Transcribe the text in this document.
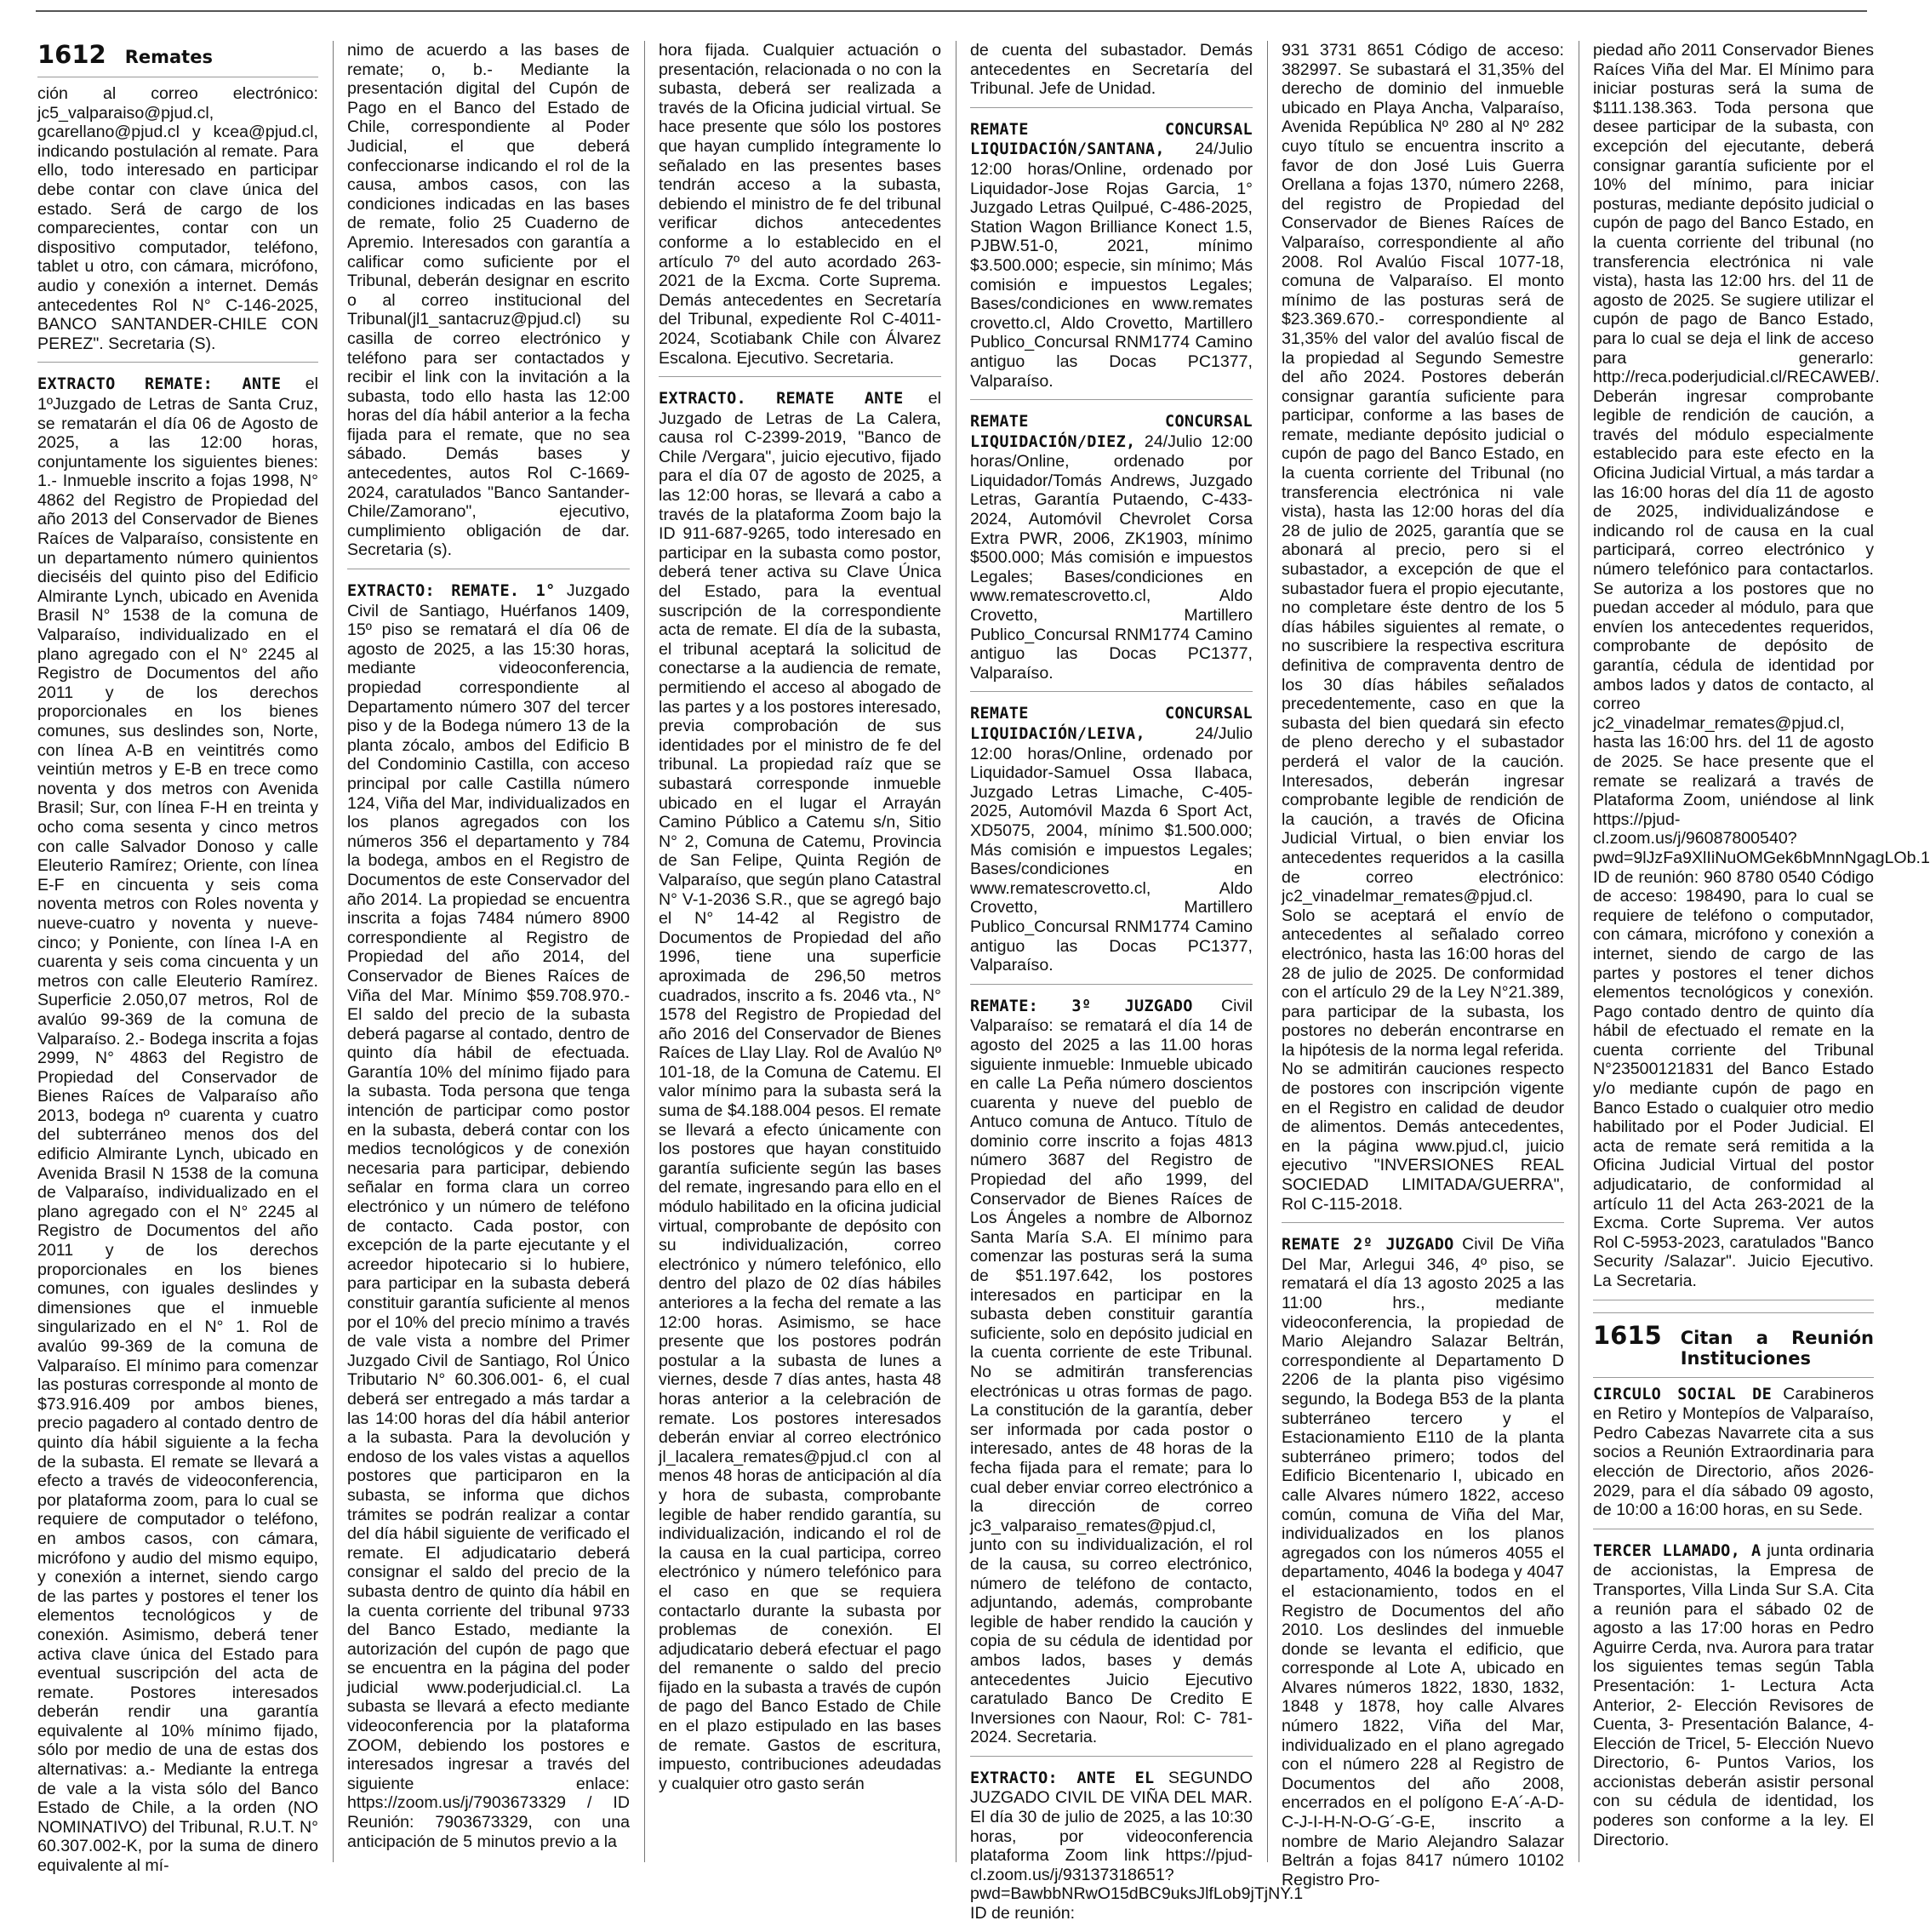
1612 Remates
ción al correo electrónico: jc5_valparaiso@pjud.cl, gcarellano@pjud.cl y kcea@pjud.cl, indicando postulación al remate. Para ello, todo interesado en participar debe contar con clave única del estado. Será de cargo de los comparecientes, contar con un dispositivo computador, teléfono, tablet u otro, con cámara, micrófono, audio y conexión a internet. Demás antecedentes Rol N° C-146-2025, BANCO SANTANDER-CHILE CON PEREZ". Secretaria (S).
EXTRACTO REMATE: ANTE el 1ºJuzgado de Letras de Santa Cruz, se rematarán el día 06 de Agosto de 2025, a las 12:00 horas, conjuntamente los siguientes bienes: 1.- Inmueble inscrito a fojas 1998, N° 4862 del Registro de Propiedad del año 2013 del Conservador de Bienes Raíces de Valparaíso, consistente en un departamento número quinientos dieciséis del quinto piso del Edificio Almirante Lynch, ubicado en Avenida Brasil N° 1538 de la comuna de Valparaíso, individualizado en el plano agregado con el N° 2245 al Registro de Documentos del año 2011 y de los derechos proporcionales en los bienes comunes, sus deslindes son, Norte, con línea A-B en veintitrés como veintiún metros y E-B en trece como noventa y dos metros con Avenida Brasil; Sur, con línea F-H en treinta y ocho coma sesenta y cinco metros con calle Salvador Donoso y calle Eleuterio Ramírez; Oriente, con línea E-F en cincuenta y seis coma noventa metros con Roles noventa y nueve-cuatro y noventa y nueve-cinco; y Poniente, con línea I-A en cuarenta y seis coma cincuenta y un metros con calle Eleuterio Ramírez. Superficie 2.050,07 metros, Rol de avalúo 99-369 de la comuna de Valparaíso. 2.- Bodega inscrita a fojas 2999, N° 4863 del Registro de Propiedad del Conservador de Bienes Raíces de Valparaíso año 2013, bodega nº cuarenta y cuatro del subterráneo menos dos del edificio Almirante Lynch, ubicado en Avenida Brasil N 1538 de la comuna de Valparaíso, individualizado en el plano agregado con el N° 2245 al Registro de Documentos del año 2011 y de los derechos proporcionales en los bienes comunes, con iguales deslindes y dimensiones que el inmueble singularizado en el N° 1. Rol de avalúo 99-369 de la comuna de Valparaíso. El mínimo para comenzar las posturas corresponde al monto de $73.916.409 por ambos bienes, precio pagadero al contado dentro de quinto día hábil siguiente a la fecha de la subasta. El remate se llevará a efecto a través de videoconferencia, por plataforma zoom, para lo cual se requiere de computador o teléfono, en ambos casos, con cámara, micrófono y audio del mismo equipo, y conexión a internet, siendo cargo de las partes y postores el tener los elementos tecnológicos y de conexión. Asimismo, deberá tener activa clave única del Estado para eventual suscripción del acta de remate. Postores interesados deberán rendir una garantía equivalente al 10% mínimo fijado, sólo por medio de una de estas dos alternativas: a.- Mediante la entrega de vale a la vista sólo del Banco Estado de Chile, a la orden (NO NOMINATIVO) del Tribunal, R.U.T. N° 60.307.002-K, por la suma de dinero equivalente al mí-
nimo de acuerdo a las bases de remate; o, b.- Mediante la presentación digital del Cupón de Pago en el Banco del Estado de Chile, correspondiente al Poder Judicial, el que deberá confeccionarse indicando el rol de la causa, ambos casos, con las condiciones indicadas en las bases de remate, folio 25 Cuaderno de Apremio. Interesados con garantía a calificar como suficiente por el Tribunal, deberán designar en escrito o al correo institucional del Tribunal(jl1_santacruz@pjud.cl) su casilla de correo electrónico y teléfono para ser contactados y recibir el link con la invitación a la subasta, todo ello hasta las 12:00 horas del día hábil anterior a la fecha fijada para el remate, que no sea sábado. Demás bases y antecedentes, autos Rol C-1669-2024, caratulados "Banco Santander-Chile/Zamorano", ejecutivo, cumplimiento obligación de dar. Secretaria (s).
EXTRACTO: REMATE. 1° Juzgado Civil de Santiago, Huérfanos 1409, 15º piso se rematará el día 06 de agosto de 2025, a las 15:30 horas, mediante videoconferencia, propiedad correspondiente al Departamento número 307 del tercer piso y de la Bodega número 13 de la planta zócalo, ambos del Edificio B del Condominio Castilla, con acceso principal por calle Castilla número 124, Viña del Mar, individualizados en los planos agregados con los números 356 el departamento y 784 la bodega, ambos en el Registro de Documentos de este Conservador del año 2014. La propiedad se encuentra inscrita a fojas 7484 número 8900 correspondiente al Registro de Propiedad del año 2014, del Conservador de Bienes Raíces de Viña del Mar. Mínimo $59.708.970.- El saldo del precio de la subasta deberá pagarse al contado, dentro de quinto día hábil de efectuada. Garantía 10% del mínimo fijado para la subasta. Toda persona que tenga intención de participar como postor en la subasta, deberá contar con los medios tecnológicos y de conexión necesaria para participar, debiendo señalar en forma clara un correo electrónico y un número de teléfono de contacto. Cada postor, con excepción de la parte ejecutante y el acreedor hipotecario si lo hubiere, para participar en la subasta deberá constituir garantía suficiente al menos por el 10% del precio mínimo a través de vale vista a nombre del Primer Juzgado Civil de Santiago, Rol Único Tributario N° 60.306.001- 6, el cual deberá ser entregado a más tardar a las 14:00 horas del día hábil anterior a la subasta. Para la devolución y endoso de los vales vistas a aquellos postores que participaron en la subasta, se informa que dichos trámites se podrán realizar a contar del día hábil siguiente de verificado el remate. El adjudicatario deberá consignar el saldo del precio de la subasta dentro de quinto día hábil en la cuenta corriente del tribunal 9733 del Banco Estado, mediante la autorización del cupón de pago que se encuentra en la página del poder judicial www.poderjudicial.cl. La subasta se llevará a efecto mediante videoconferencia por la plataforma ZOOM, debiendo los postores e interesados ingresar a través del siguiente enlace: https://zoom.us/j/7903673329 / ID Reunión: 7903673329, con una anticipación de 5 minutos previo a la
hora fijada. Cualquier actuación o presentación, relacionada o no con la subasta, deberá ser realizada a través de la Oficina judicial virtual. Se hace presente que sólo los postores que hayan cumplido íntegramente lo señalado en las presentes bases tendrán acceso a la subasta, debiendo el ministro de fe del tribunal verificar dichos antecedentes conforme a lo establecido en el artículo 7º del auto acordado 263-2021 de la Excma. Corte Suprema. Demás antecedentes en Secretaría del Tribunal, expediente Rol C-4011-2024, Scotiabank Chile con Álvarez Escalona. Ejecutivo. Secretaria.
EXTRACTO. REMATE ANTE el Juzgado de Letras de La Calera, causa rol C-2399-2019, "Banco de Chile /Vergara", juicio ejecutivo, fijado para el día 07 de agosto de 2025, a las 12:00 horas, se llevará a cabo a través de la plataforma Zoom bajo la ID 911-687-9265, todo interesado en participar en la subasta como postor, deberá tener activa su Clave Única del Estado, para la eventual suscripción de la correspondiente acta de remate. El día de la subasta, el tribunal aceptará la solicitud de conectarse a la audiencia de remate, permitiendo el acceso al abogado de las partes y a los postores interesado, previa comprobación de sus identidades por el ministro de fe del tribunal. La propiedad raíz que se subastará corresponde inmueble ubicado en el lugar el Arrayán Camino Público a Catemu s/n, Sitio N° 2, Comuna de Catemu, Provincia de San Felipe, Quinta Región de Valparaíso, que según plano Catastral N° V-1-2036 S.R., que se agregó bajo el N° 14-42 al Registro de Documentos de Propiedad del año 1996, tiene una superficie aproximada de 296,50 metros cuadrados, inscrito a fs. 2046 vta., N° 1578 del Registro de Propiedad del año 2016 del Conservador de Bienes Raíces de Llay Llay. Rol de Avalúo Nº 101-18, de la Comuna de Catemu. El valor mínimo para la subasta será la suma de $4.188.004 pesos. El remate se llevará a efecto únicamente con los postores que hayan constituido garantía suficiente según las bases del remate, ingresando para ello en el módulo habilitado en la oficina judicial virtual, comprobante de depósito con su individualización, correo electrónico y número telefónico, ello dentro del plazo de 02 días hábiles anteriores a la fecha del remate a las 12:00 horas. Asimismo, se hace presente que los postores podrán postular a la subasta de lunes a viernes, desde 7 días antes, hasta 48 horas anterior a la celebración de remate. Los postores interesados deberán enviar al correo electrónico jl_lacalera_remates@pjud.cl con al menos 48 horas de anticipación al día y hora de subasta, comprobante legible de haber rendido garantía, su individualización, indicando el rol de la causa en la cual participa, correo electrónico y número telefónico para el caso en que se requiera contactarlo durante la subasta por problemas de conexión. El adjudicatario deberá efectuar el pago del remanente o saldo del precio fijado en la subasta a través de cupón de pago del Banco Estado de Chile en el plazo estipulado en las bases de remate. Gastos de escritura, impuesto, contribuciones adeudadas y cualquier otro gasto serán
de cuenta del subastador. Demás antecedentes en Secretaría del Tribunal. Jefe de Unidad.
REMATE CONCURSAL LIQUIDACIÓN/SANTANA, 24/Julio 12:00 horas/Online, ordenado por Liquidador-Jose Rojas Garcia, 1° Juzgado Letras Quilpué, C-486-2025, Station Wagon Brilliance Konect 1.5, PJBW.51-0, 2021, mínimo $3.500.000; especie, sin mínimo; Más comisión e impuestos Legales; Bases/condiciones en www.remates crovetto.cl, Aldo Crovetto, Martillero Publico_Concursal RNM1774 Camino antiguo las Docas PC1377, Valparaíso.
REMATE CONCURSAL LIQUIDACIÓN/DIEZ, 24/Julio 12:00 horas/Online, ordenado por Liquidador/Tomás Andrews, Juzgado Letras, Garantía Putaendo, C-433-2024, Automóvil Chevrolet Corsa Extra PWR, 2006, ZK1903, mínimo $500.000; Más comisión e impuestos Legales; Bases/condiciones en www.rematescrovetto.cl, Aldo Crovetto, Martillero Publico_Concursal RNM1774 Camino antiguo las Docas PC1377, Valparaíso.
REMATE CONCURSAL LIQUIDACIÓN/LEIVA, 24/Julio 12:00 horas/Online, ordenado por Liquidador-Samuel Ossa Ilabaca, Juzgado Letras Limache, C-405-2025, Automóvil Mazda 6 Sport Act, XD5075, 2004, mínimo $1.500.000; Más comisión e impuestos Legales; Bases/condiciones en www.rematescrovetto.cl, Aldo Crovetto, Martillero Publico_Concursal RNM1774 Camino antiguo las Docas PC1377, Valparaíso.
REMATE: 3º JUZGADO Civil Valparaíso: se rematará el día 14 de agosto del 2025 a las 11.00 horas siguiente inmueble: Inmueble ubicado en calle La Peña número doscientos cuarenta y nueve del pueblo de Antuco comuna de Antuco. Título de dominio corre inscrito a fojas 4813 número 3687 del Registro de Propiedad del año 1999, del Conservador de Bienes Raíces de Los Ángeles a nombre de Albornoz Santa María S.A. El mínimo para comenzar las posturas será la suma de $51.197.642, los postores interesados en participar en la subasta deben constituir garantía suficiente, solo en depósito judicial en la cuenta corriente de este Tribunal. No se admitirán transferencias electrónicas u otras formas de pago. La constitución de la garantía, deber ser informada por cada postor o interesado, antes de 48 horas de la fecha fijada para el remate; para lo cual deber enviar correo electrónico a la dirección de correo jc3_valparaiso_remates@pjud.cl, junto con su individualización, el rol de la causa, su correo electrónico, número de teléfono de contacto, adjuntando, además, comprobante legible de haber rendido la caución y copia de su cédula de identidad por ambos lados, bases y demás antecedentes Juicio Ejecutivo caratulado Banco De Credito E Inversiones con Naour, Rol: C- 781-2024. Secretaria.
EXTRACTO: ANTE EL SEGUNDO JUZGADO CIVIL DE VIÑA DEL MAR. El día 30 de julio de 2025, a las 10:30 horas, por videoconferencia plataforma Zoom link https://pjud-cl.zoom.us/j/93137318651?pwd=BawbbNRwO15dBC9uksJlfLob9jTjNY.1 ID de reunión:
931 3731 8651 Código de acceso: 382997. Se subastará el 31,35% del derecho de dominio del inmueble ubicado en Playa Ancha, Valparaíso, Avenida República Nº 280 al Nº 282 cuyo título se encuentra inscrito a favor de don José Luis Guerra Orellana a fojas 1370, número 2268, del registro de Propiedad del Conservador de Bienes Raíces de Valparaíso, correspondiente al año 2008. Rol Avalúo Fiscal 1077-18, comuna de Valparaíso. El monto mínimo de las posturas será de $23.369.670.- correspondiente al 31,35% del valor del avalúo fiscal de la propiedad al Segundo Semestre del año 2024. Postores deberán consignar garantía suficiente para participar, conforme a las bases de remate, mediante depósito judicial o cupón de pago del Banco Estado, en la cuenta corriente del Tribunal (no transferencia electrónica ni vale vista), hasta las 12:00 horas del día 28 de julio de 2025, garantía que se abonará al precio, pero si el subastador, a excepción de que el subastador fuera el propio ejecutante, no completare éste dentro de los 5 días hábiles siguientes al remate, o no suscribiere la respectiva escritura definitiva de compraventa dentro de los 30 días hábiles señalados precedentemente, caso en que la subasta del bien quedará sin efecto de pleno derecho y el subastador perderá el valor de la caución. Interesados, deberán ingresar comprobante legible de rendición de la caución, a través de Oficina Judicial Virtual, o bien enviar los antecedentes requeridos a la casilla de correo electrónico: jc2_vinadelmar_remates@pjud.cl. Solo se aceptará el envío de antecedentes al señalado correo electrónico, hasta las 16:00 horas del 28 de julio de 2025. De conformidad con el artículo 29 de la Ley N°21.389, para participar de la subasta, los postores no deberán encontrarse en la hipótesis de la norma legal referida. No se admitirán cauciones respecto de postores con inscripción vigente en el Registro en calidad de deudor de alimentos. Demás antecedentes, en la página www.pjud.cl, juicio ejecutivo "INVERSIONES REAL SOCIEDAD LIMITADA/GUERRA", Rol C-115-2018.
REMATE 2º JUZGADO Civil De Viña Del Mar, Arlegui 346, 4º piso, se rematará el día 13 agosto 2025 a las 11:00 hrs., mediante videoconferencia, la propiedad de Mario Alejandro Salazar Beltrán, correspondiente al Departamento D 2206 de la planta piso vigésimo segundo, la Bodega B53 de la planta subterráneo tercero y el Estacionamiento E110 de la planta subterráneo primero; todos del Edificio Bicentenario I, ubicado en calle Alvares número 1822, acceso común, comuna de Viña del Mar, individualizados en los planos agregados con los números 4055 el departamento, 4046 la bodega y 4047 el estacionamiento, todos en el Registro de Documentos del año 2010. Los deslindes del inmueble donde se levanta el edificio, que corresponde al Lote A, ubicado en Alvares números 1822, 1830, 1832, 1848 y 1878, hoy calle Alvares número 1822, Viña del Mar, individualizado en el plano agregado con el número 228 al Registro de Documentos del año 2008, encerrados en el polígono E-A´-A-D-C-J-I-H-N-O-G´-G-E, inscrito a nombre de Mario Alejandro Salazar Beltrán a fojas 8417 número 10102 Registro Pro-
piedad año 2011 Conservador Bienes Raíces Viña del Mar. El Mínimo para iniciar posturas será la suma de $111.138.363. Toda persona que desee participar de la subasta, con excepción del ejecutante, deberá consignar garantía suficiente por el 10% del mínimo, para iniciar posturas, mediante depósito judicial o cupón de pago del Banco Estado, en la cuenta corriente del tribunal (no transferencia electrónica ni vale vista), hasta las 12:00 hrs. del 11 de agosto de 2025. Se sugiere utilizar el cupón de pago de Banco Estado, para lo cual se deja el link de acceso para generarlo: http://reca.poderjudicial.cl/RECAWEB/. Deberán ingresar comprobante legible de rendición de caución, a través del módulo especialmente establecido para este efecto en la Oficina Judicial Virtual, a más tardar a las 16:00 horas del día 11 de agosto de 2025, individualizándose e indicando rol de causa en la cual participará, correo electrónico y número telefónico para contactarlos. Se autoriza a los postores que no puedan acceder al módulo, para que envíen los antecedentes requeridos, comprobante de depósito de garantía, cédula de identidad por ambos lados y datos de contacto, al correo jc2_vinadelmar_remates@pjud.cl, hasta las 16:00 hrs. del 11 de agosto de 2025. Se hace presente que el remate se realizará a través de Plataforma Zoom, uniéndose al link https://pjud-cl.zoom.us/j/96087800540?pwd=9lJzFa9XlIiNuOMGek6bMnnNgagLOb.1 ID de reunión: 960 8780 0540 Código de acceso: 198490, para lo cual se requiere de teléfono o computador, con cámara, micrófono y conexión a internet, siendo de cargo de las partes y postores el tener dichos elementos tecnológicos y conexión. Pago contado dentro de quinto día hábil de efectuado el remate en la cuenta corriente del Tribunal N°23500121831 del Banco Estado y/o mediante cupón de pago en Banco Estado o cualquier otro medio habilitado por el Poder Judicial. El acta de remate será remitida a la Oficina Judicial Virtual del postor adjudicatario, de conformidad al artículo 11 del Acta 263-2021 de la Excma. Corte Suprema. Ver autos Rol C-5953-2023, caratulados "Banco Security /Salazar". Juicio Ejecutivo. La Secretaria.
1615 Citan a Reunión Instituciones
CIRCULO SOCIAL DE Carabineros en Retiro y Montepíos de Valparaíso, Pedro Cabezas Navarrete cita a sus socios a Reunión Extraordinaria para elección de Directorio, años 2026-2029, para el día sábado 09 agosto, de 10:00 a 16:00 horas, en su Sede.
TERCER LLAMADO, A junta ordinaria de accionistas, la Empresa de Transportes, Villa Linda Sur S.A. Cita a reunión para el sábado 02 de agosto a las 17:00 horas en Pedro Aguirre Cerda, nva. Aurora para tratar los siguientes temas según Tabla Presentación: 1- Lectura Acta Anterior, 2- Elección Revisores de Cuenta, 3- Presentación Balance, 4- Elección de Tricel, 5- Elección Nuevo Directorio, 6- Puntos Varios, los accionistas deberán asistir personal con su cédula de identidad, los poderes son conforme a la ley. El Directorio.
